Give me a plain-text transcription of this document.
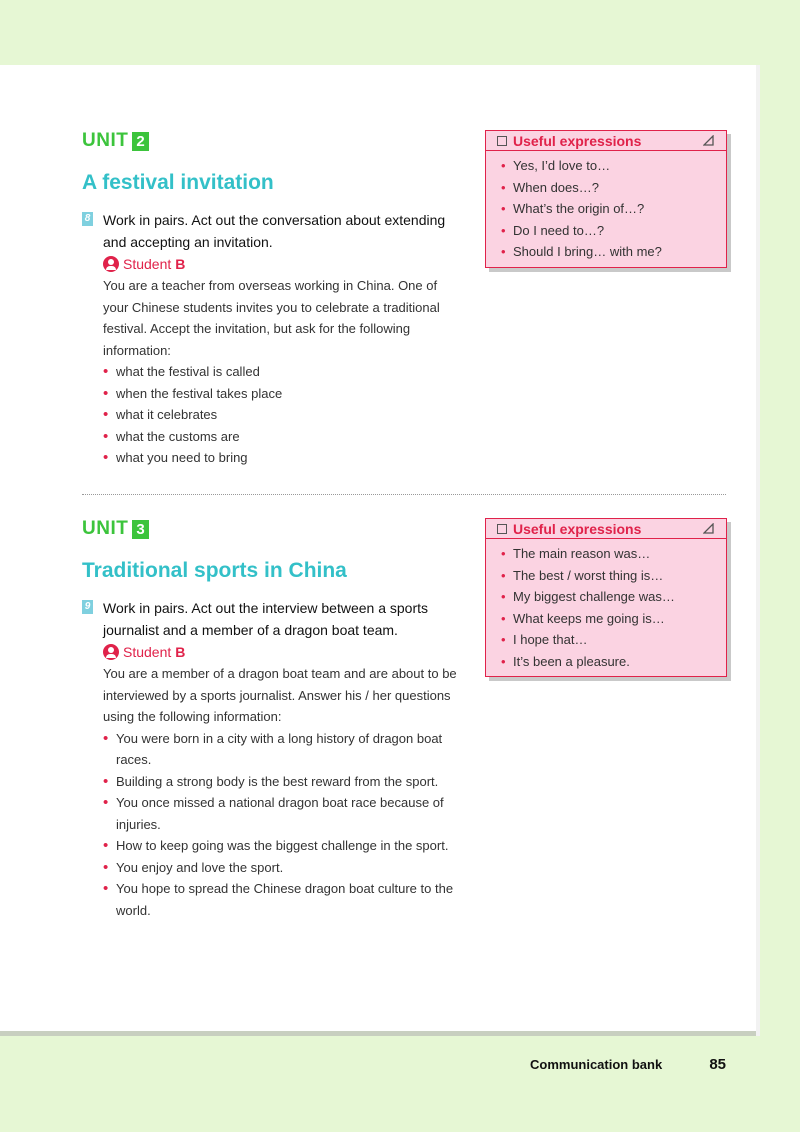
UNIT 2
A festival invitation
8 Work in pairs. Act out the conversation about extending and accepting an invitation.
Student B
You are a teacher from overseas working in China. One of your Chinese students invites you to celebrate a traditional festival. Accept the invitation, but ask for the following information:
• what the festival is called
• when the festival takes place
• what it celebrates
• what the customs are
• what you need to bring
Useful expressions
• Yes, I’d love to…
• When does…?
• What’s the origin of…?
• Do I need to…?
• Should I bring… with me?
UNIT 3
Traditional sports in China
9 Work in pairs. Act out the interview between a sports journalist and a member of a dragon boat team.
Student B
You are a member of a dragon boat team and are about to be interviewed by a sports journalist. Answer his / her questions using the following information:
• You were born in a city with a long history of dragon boat races.
• Building a strong body is the best reward from the sport.
• You once missed a national dragon boat race because of injuries.
• How to keep going was the biggest challenge in the sport.
• You enjoy and love the sport.
• You hope to spread the Chinese dragon boat culture to the world.
Useful expressions
• The main reason was…
• The best / worst thing is…
• My biggest challenge was…
• What keeps me going is…
• I hope that…
• It’s been a pleasure.
Communication bank	85
